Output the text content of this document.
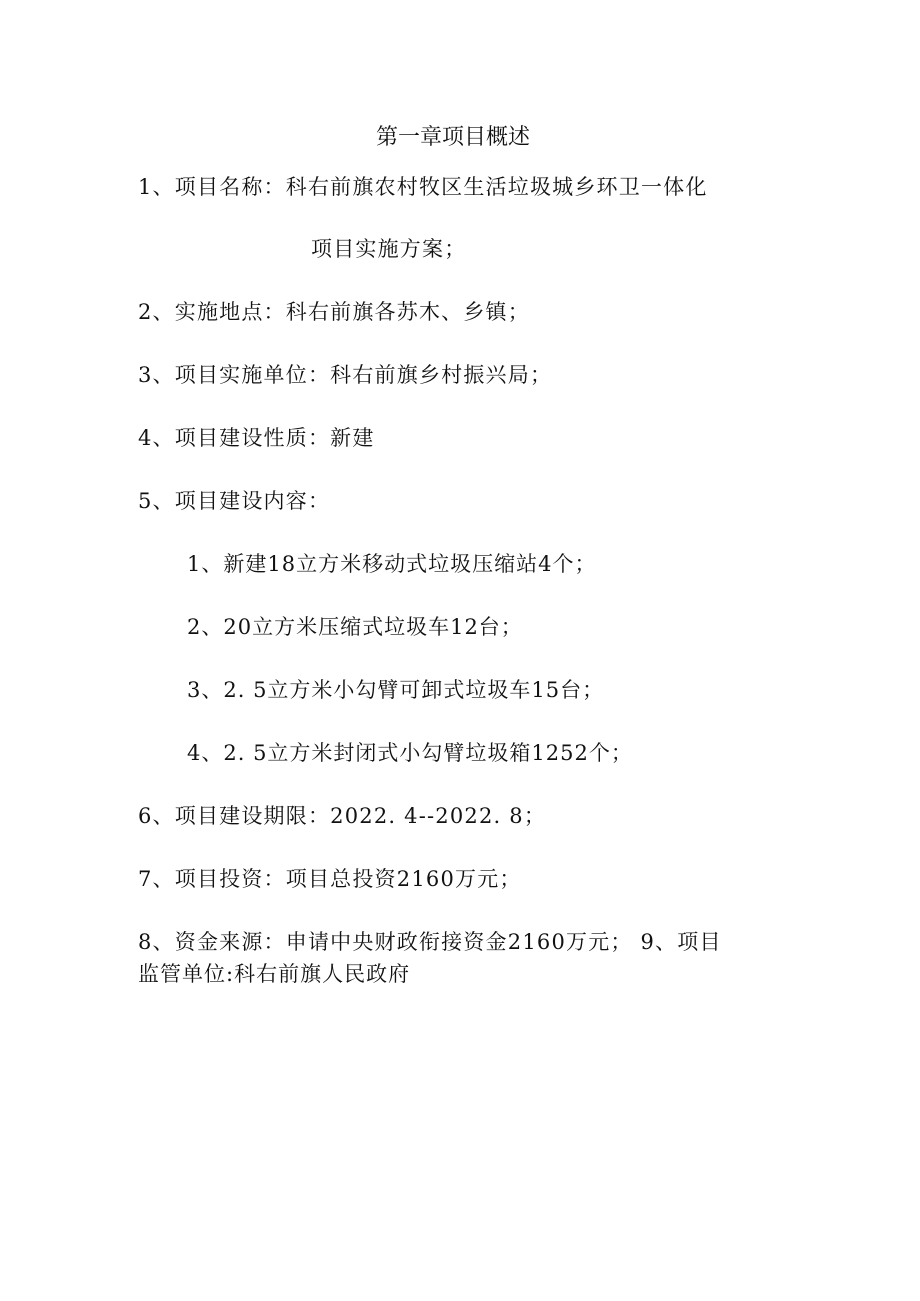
第一章项目概述
1、项目名称：科右前旗农村牧区生活垃圾城乡环卫一体化
项目实施方案；
2、实施地点：科右前旗各苏木、乡镇；
3、项目实施单位：科右前旗乡村振兴局；
4、项目建设性质：新建
5、项目建设内容：
1、新建18立方米移动式垃圾压缩站4个；
2、20立方米压缩式垃圾车12台；
3、2. 5立方米小勾臂可卸式垃圾车15台；
4、2. 5立方米封闭式小勾臂垃圾箱1252个；
6、项目建设期限：2022. 4--2022. 8；
7、项目投资：项目总投资2160万元；
8、资金来源：申请中央财政衔接资金2160万元； 9、项目
监管单位:科右前旗人民政府
